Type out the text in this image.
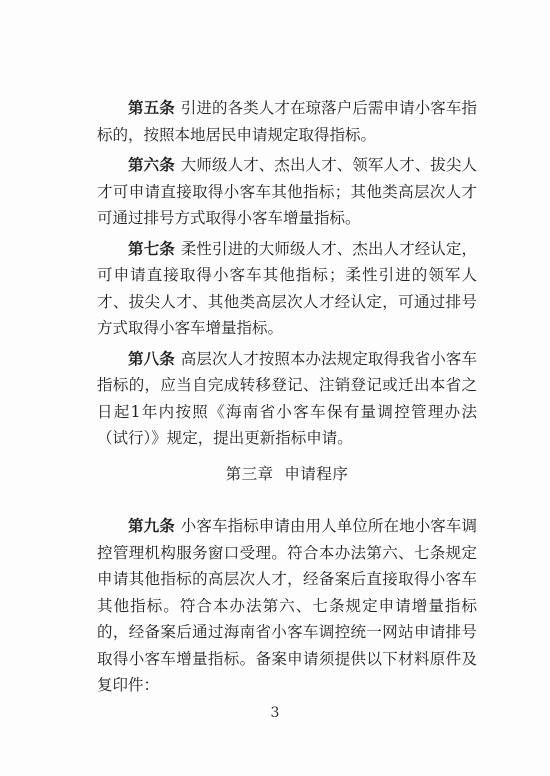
第五条 引进的各类人才在琼落户后需申请小客车指标的，按照本地居民申请规定取得指标。

第六条 大师级人才、杰出人才、领军人才、拔尖人才可申请直接取得小客车其他指标；其他类高层次人才可通过排号方式取得小客车增量指标。

第七条 柔性引进的大师级人才、杰出人才经认定，可申请直接取得小客车其他指标；柔性引进的领军人才、拔尖人才、其他类高层次人才经认定，可通过排号方式取得小客车增量指标。

第八条 高层次人才按照本办法规定取得我省小客车指标的，应当自完成转移登记、注销登记或迁出本省之日起1年内按照《海南省小客车保有量调控管理办法（试行）》规定，提出更新指标申请。

第三章  申请程序

第九条 小客车指标申请由用人单位所在地小客车调控管理机构服务窗口受理。符合本办法第六、七条规定申请其他指标的高层次人才，经备案后直接取得小客车其他指标。符合本办法第六、七条规定申请增量指标的，经备案后通过海南省小客车调控统一网站申请排号取得小客车增量指标。备案申请须提供以下材料原件及复印件：

3
